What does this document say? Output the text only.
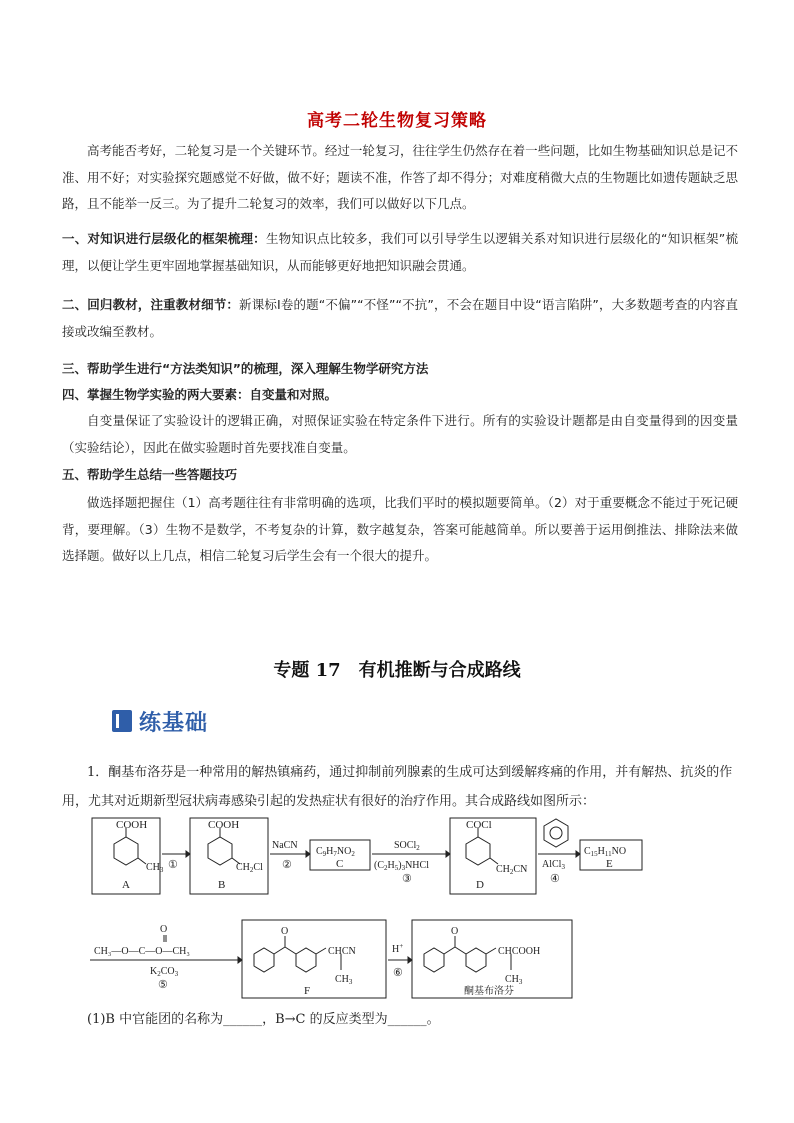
高考二轮生物复习策略
高考能否考好，二轮复习是一个关键环节。经过一轮复习，往往学生仍然存在着一些问题，比如生物基础知识总是记不准、用不好；对实验探究题感觉不好做，做不好；题读不准，作答了却不得分；对难度稍微大点的生物题比如遗传题缺乏思路，且不能举一反三。为了提升二轮复习的效率，我们可以做好以下几点。
一、对知识进行层级化的框架梳理：生物知识点比较多，我们可以引导学生以逻辑关系对知识进行层级化的“知识框架”梳理，以便让学生更牢固地掌握基础知识，从而能够更好地把知识融会贯通。
二、回归教材，注重教材细节：新课标Ⅰ卷的题“不偏”“不怪”“不抗”，不会在题目中设“语言陷阱”，大多数题考查的内容直接或改编至教材。
三、帮助学生进行“方法类知识”的梳理，深入理解生物学研究方法
四、掌握生物学实验的两大要素：自变量和对照。
自变量保证了实验设计的逻辑正确，对照保证实验在特定条件下进行。所有的实验设计题都是由自变量得到的因变量（实验结论），因此在做实验题时首先要找准自变量。
五、帮助学生总结一些答题技巧
做选择题把握住（1）高考题往往有非常明确的选项，比我们平时的模拟题要简单。（2）对于重要概念不能过于死记硬背，要理解。（3）生物不是数学，不考复杂的计算，数字越复杂，答案可能越简单。所以要善于运用倒推法、排除法来做选择题。做好以上几点，相信二轮复习后学生会有一个很大的提升。
专题 17　有机推断与合成路线
练基础
1．酮基布洛芬是一种常用的解热镇痛药，通过抑制前列腺素的生成可达到缓解疼痛的作用，并有解热、抗炎的作用，尤其对近期新型冠状病毒感染引起的发热症状有很好的治疗作用。其合成路线如图所示：
COOH
$CH_3$
A
①
COOH
$CH_2Cl$
B
NaCN
②
$C_9H_7NO_2$
C
SOCl$_2$
$(C_2H_5)_3NHCl$
③
COCl
$CH_2CN$
D
AlCl$_3$
④
$C_{15}H_{11}NO$
E
O
CH₃—O—C—O—CH₃
$K_2CO_3$
⑤
O
CHCN
$CH_3$
F
H+
⑥
O
CHCOOH
$CH_3$
酮基布洛芬
(1)B 中官能团的名称为______，B→C 的反应类型为______。
